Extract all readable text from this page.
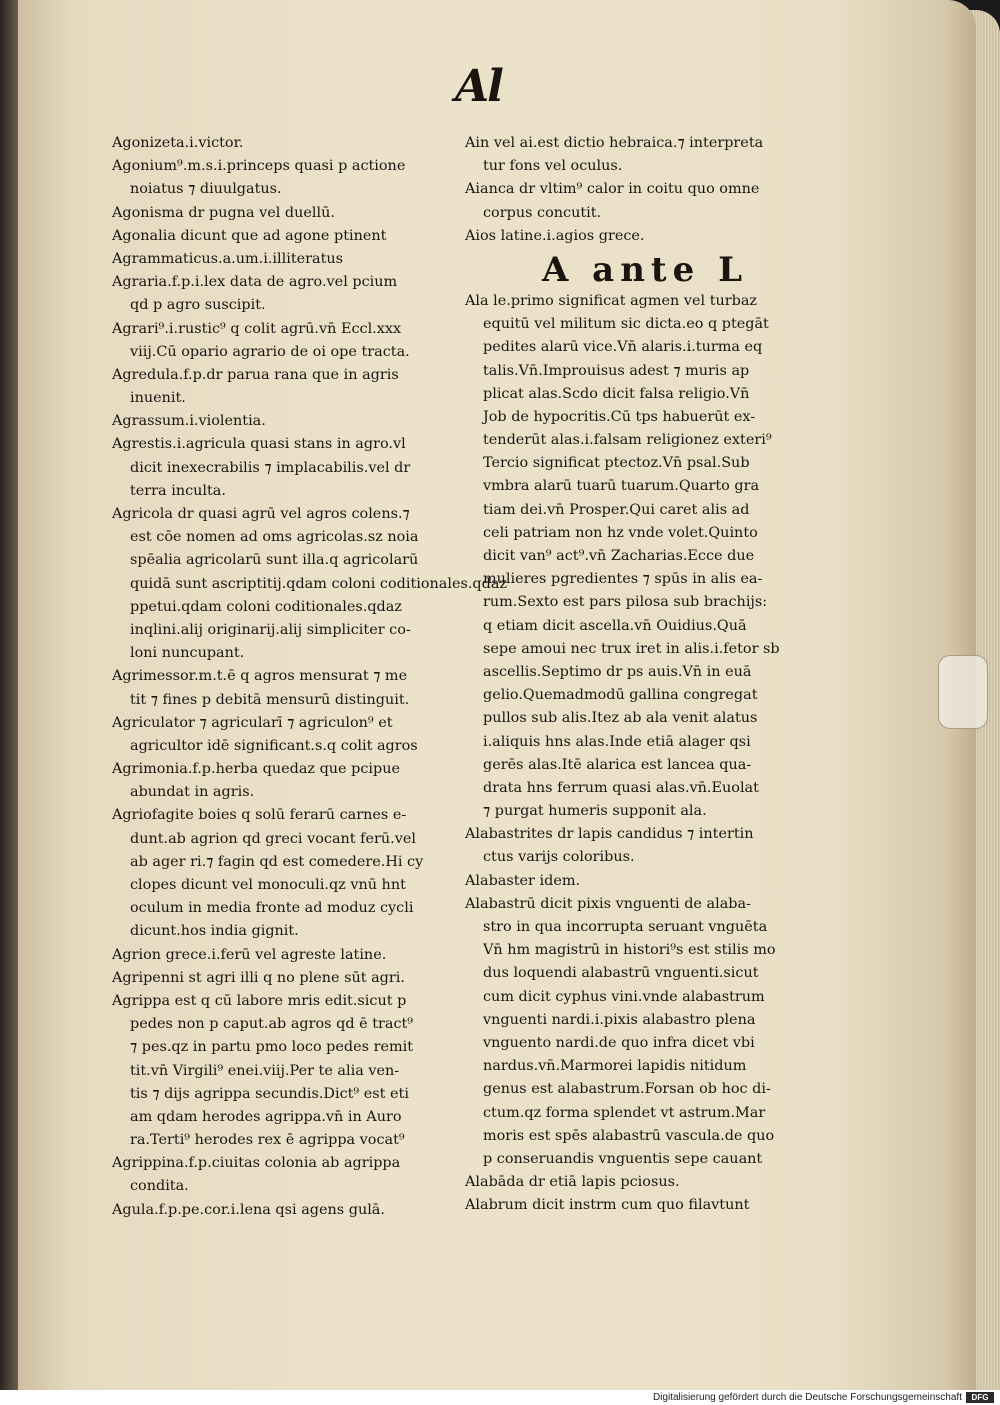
Al
Agonizeta.i.victor.
Agonium⁹.m.s.i.princeps quasi p actione
noiatus ⁊ diuulgatus.
Agonisma dr pugna vel duellū.
Agonalia dicunt que ad agone ptinent
Agrammaticus.a.um.i.illiteratus
Agraria.f.p.i.lex data de agro.vel pcium
qd p agro suscipit.
Agrari⁹.i.rustic⁹ q colit agrū.vn̄ Eccl.xxx
viij.Cū opario agrario de oi ope tracta.
Agredula.f.p.dr parua rana que in agris
inuenit.
Agrassum.i.violentia.
Agrestis.i.agricula quasi stans in agro.vl
dicit inexecrabilis ⁊ implacabilis.vel dr
terra inculta.
Agricola dr quasi agrū vel agros colens.⁊
est cōe nomen ad oms agricolas.sz noia
spēalia agricolarū sunt illa.q agricolarū
quidā sunt ascriptitij.qdam coloni coditionales.qdaz
ppetui.qdam coloni coditionales.qdaz
inqlini.alij originarij.alij simpliciter co-
loni nuncupant.
Agrimessor.m.t.ē q agros mensurat ⁊ me
tit ⁊ fines p debitā mensurū distinguit.
Agriculator ⁊ agricularī ⁊ agriculon⁹ et
agricultor idē significant.s.q colit agros
Agrimonia.f.p.herba quedaz que pcipue
abundat in agris.
Agriofagite boies q solū ferarū carnes e-
dunt.ab agrion qd greci vocant ferū.vel
ab ager ri.⁊ fagin qd est comedere.Hi cy
clopes dicunt vel monoculi.qz vnū hnt
oculum in media fronte ad moduz cycli
dicunt.hos india gignit.
Agrion grece.i.ferū vel agreste latine.
Agripenni st agri illi q no plene sūt agri.
Agrippa est q cū labore mris edit.sicut p
pedes non p caput.ab agros qd ē tract⁹
⁊ pes.qz in partu pmo loco pedes remit
tit.vn̄ Virgili⁹ enei.viij.Per te alia ven-
tis ⁊ dijs agrippa secundis.Dict⁹ est eti
am qdam herodes agrippa.vn̄ in Auro
ra.Terti⁹ herodes rex ē agrippa vocat⁹
Agrippina.f.p.ciuitas colonia ab agrippa
condita.
Agula.f.p.pe.cor.i.lena qsi agens gulā.
Ain vel ai.est dictio hebraica.⁊ interpreta
tur fons vel oculus.
Aianca dr vltim⁹ calor in coitu quo omne
corpus concutit.
Aios latine.i.agios grece.
A ante L
Ala le.primo significat agmen vel turbaz
equitū vel militum sic dicta.eo q ptegāt
pedites alarū vice.Vn̄ alaris.i.turma eq
talis.Vn̄.Improuisus adest ⁊ muris ap
plicat alas.Scdo dicit falsa religio.Vn̄
Job de hypocritis.Cū tps habuerūt ex-
tenderūt alas.i.falsam religionez exteri⁹
Tercio significat ptectoz.Vn̄ psal.Sub
vmbra alarū tuarū tuarum.Quarto gra
tiam dei.vn̄ Prosper.Qui caret alis ad
celi patriam non hz vnde volet.Quinto
dicit van⁹ act⁹.vn̄ Zacharias.Ecce due
mulieres pgredientes ⁊ spūs in alis ea-
rum.Sexto est pars pilosa sub brachijs:
q etiam dicit ascella.vn̄ Ouidius.Quā
sepe amoui nec trux iret in alis.i.fetor sb
ascellis.Septimo dr ps auis.Vn̄ in euā
gelio.Quemadmodū gallina congregat
pullos sub alis.Itez ab ala venit alatus
i.aliquis hns alas.Inde etiā alager qsi
gerēs alas.Itē alarica est lancea qua-
drata hns ferrum quasi alas.vn̄.Euolat
⁊ purgat humeris supponit ala.
Alabastrites dr lapis candidus ⁊ intertin
ctus varijs coloribus.
Alabaster idem.
Alabastrū dicit pixis vnguenti de alaba-
stro in qua incorrupta seruant vnguēta
Vn̄ hm magistrū in histori⁹s est stilis mo
dus loquendi alabastrū vnguenti.sicut
cum dicit cyphus vini.vnde alabastrum
vnguenti nardi.i.pixis alabastro plena
vnguento nardi.de quo infra dicet vbi
nardus.vn̄.Marmorei lapidis nitidum
genus est alabastrum.Forsan ob hoc di-
ctum.qz forma splendet vt astrum.Mar
moris est spēs alabastrū vascula.de quo
p conseruandis vnguentis sepe cauant
Alabāda dr etiā lapis pciosus.
Alabrum dicit instrm cum quo filavtunt
Digitalisierung gefördert durch die Deutsche Forschungsgemeinschaft	DFG
